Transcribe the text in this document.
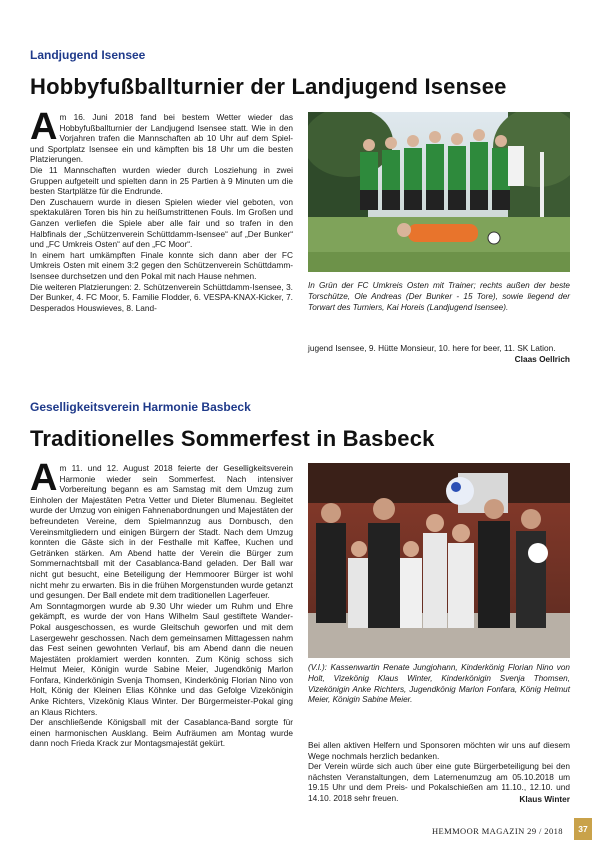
Landjugend Isensee
Hobbyfußballturnier der Landjugend Isensee
A m 16. Juni 2018 fand bei bestem Wetter wieder das Hobbyfußballturnier der Landjugend Isensee statt. Wie in den Vorjahren trafen die Mannschaften ab 10 Uhr auf dem Spiel- und Sportplatz Isensee ein und kämpften bis 18 Uhr um die besten Platzierungen.

Die 11 Mannschaften wurden wieder durch Losziehung in zwei Gruppen aufgeteilt und spielten dann in 25 Partien à 9 Minuten um die besten Startplätze für die Endrunde.

Den Zuschauern wurde in diesen Spielen wieder viel geboten, von spektakulären Toren bis hin zu heißumstrittenen Fouls. Im Großen und Ganzen verliefen die Spiele aber alle fair und so trafen in den Halbfinals der „Schützenverein Schüttdamm-Isensee“ auf „Der Bunker“ und „FC Umkreis Osten“ auf den „FC Moor“.

In einem hart umkämpften Finale konnte sich dann aber der FC Umkreis Osten mit einem 3:2 gegen den Schützenverein Schüttdamm-Isensee durchsetzen und den Pokal mit nach Hause nehmen.

Die weiteren Platzierungen: 2. Schützenverein Schüttdamm-Isensee, 3. Der Bunker, 4. FC Moor, 5. Familie Flodder, 6. VESPA-KNAX-Kicker, 7. Desperados Houswieves, 8. Land-

In Grün der FC Umkreis Osten mit Trainer; rechts außen der beste Torschütze, Ole Andreas (Der Bunker - 15 Tore), sowie liegend der Torwart des Turniers, Kai Horeis (Landjugend Isensee).

jugend Isensee, 9. Hütte Monsieur, 10. here for beer, 11. SK Lation.

Claas Oellrich
Geselligkeitsverein Harmonie Basbeck
Traditionelles Sommerfest in Basbeck
A m 11. und 12. August 2018 feierte der Geselligkeitsverein Harmonie wieder sein Sommerfest. Nach intensiver Vorbereitung begann es am Samstag mit dem Umzug zum Einholen der Majestäten Petra Vetter und Dieter Blumenau. Begleitet wurde der Umzug von einigen Fahnenabordnungen und Majestäten der befreundeten Vereine, dem Spielmannzug aus Dornbusch, den Vereinsmitgliedern und einigen Bürgern der Stadt. Nach dem Umzug konnten die Gäste sich in der Festhalle mit Kaffee, Kuchen und Getränken stärken. Am Abend hatte der Verein die Bürger zum Sommernachtsball mit der Casablanca-Band geladen. Der Ball war nicht gut besucht, eine Beteiligung der Hemmoorer Bürger ist wohl nicht mehr zu erwarten. Bis in die frühen Morgenstunden wurde getanzt und gesungen. Der Ball endete mit dem traditionellen Lagerfeuer.

Am Sonntagmorgen wurde ab 9.30 Uhr wieder um Ruhm und Ehre gekämpft, es wurde der von Hans Wilhelm Saul gestiftete Wander-Pokal ausgeschossen, es wurde Gleitschuh geworfen und mit dem Lasergewehr geschossen. Nach dem gemeinsamen Mittagessen nahm das Fest seinen gewohnten Verlauf, bis am Abend dann die neuen Majestäten proklamiert werden konnten. Zum König schoss sich Helmut Meier, Königin wurde Sabine Meier, Jugendkönig Marlon Fonfara, Kinderkönigin Svenja Thomsen, Kinderkönig Florian Nino von Holt, König der Kleinen Elias Köhnke und das Gefolge Vizekönigin Anke Richters, Vizekönig Klaus Winter. Der Bürgermeister-Pokal ging an Klaus Richters.

Der anschließende Königsball mit der Casablanca-Band sorgte für einen harmonischen Ausklang. Beim Aufräumen am Montag wurde dann noch Frieda Krack zur Montagsmajestät gekürt.

(V.l.): Kassenwartin Renate Jungjohann, Kinderkönig Florian Nino von Holt, Vizekönig Klaus Winter, Kinderkönigin Svenja Thomsen, Vizekönigin Anke Richters, Jugendkönig Marlon Fonfara, König Helmut Meier, Königin Sabine Meier.

Bei allen aktiven Helfern und Sponsoren möchten wir uns auf diesem Wege nochmals herzlich bedanken.

Der Verein würde sich auch über eine gute Bürgerbeteiligung bei den nächsten Veranstaltungen, dem Laternenumzug am 05.10.2018 um 19.15 Uhr und dem Preis- und Pokalschießen am 11.10., 12.10. und 14.10. 2018 sehr freuen.	Klaus Winter
HEMMOOR MAGAZIN 29 / 2018	37
